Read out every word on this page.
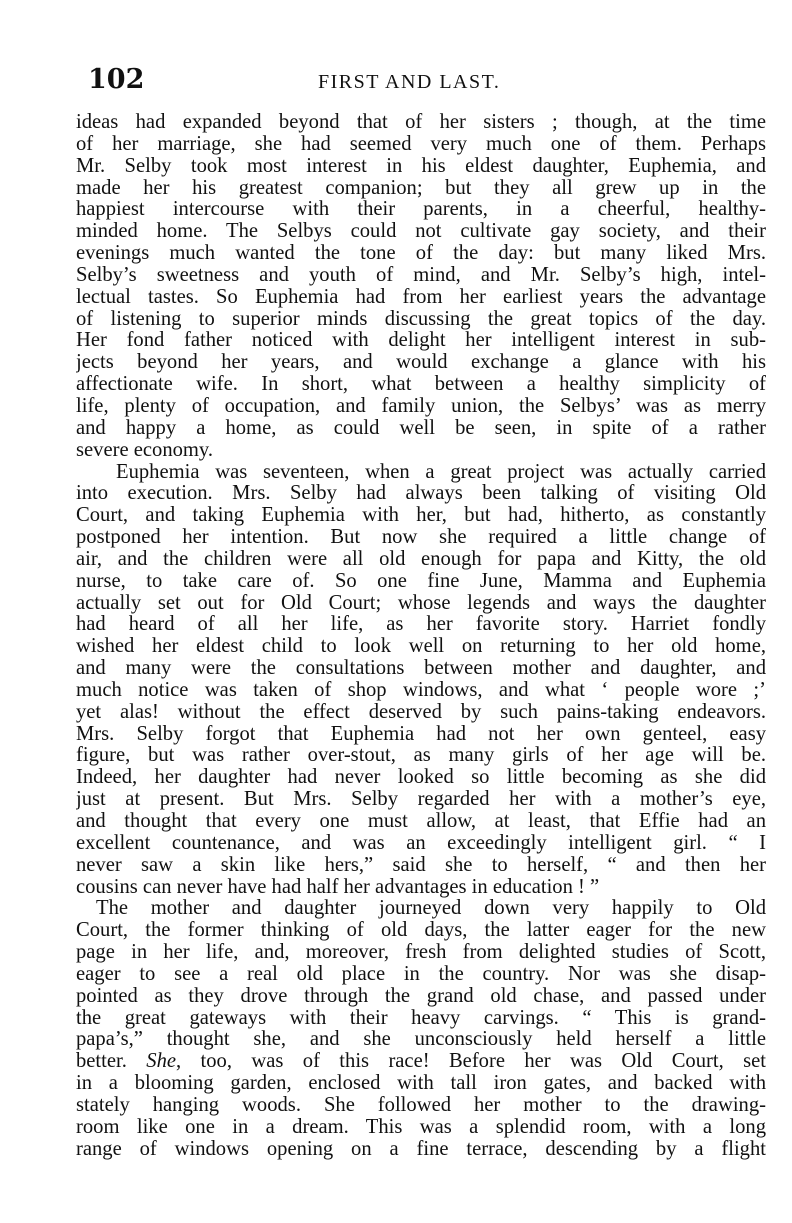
102	FIRST AND LAST.
ideas had expanded beyond that of her sisters ; though, at the time
of her marriage, she had seemed very much one of them. Perhaps
Mr. Selby took most interest in his eldest daughter, Euphemia, and
made her his greatest companion; but they all grew up in the
happiest intercourse with their parents, in a cheerful, healthy-
minded home. The Selbys could not cultivate gay society, and their
evenings much wanted the tone of the day: but many liked Mrs.
Selby’s sweetness and youth of mind, and Mr. Selby’s high, intel-
lectual tastes. So Euphemia had from her earliest years the advantage
of listening to superior minds discussing the great topics of the day.
Her fond father noticed with delight her intelligent interest in sub-
jects beyond her years, and would exchange a glance with his
affectionate wife. In short, what between a healthy simplicity of
life, plenty of occupation, and family union, the Selbys’ was as merry
and happy a home, as could well be seen, in spite of a rather
severe economy.
Euphemia was seventeen, when a great project was actually carried
into execution. Mrs. Selby had always been talking of visiting Old
Court, and taking Euphemia with her, but had, hitherto, as constantly
postponed her intention. But now she required a little change of
air, and the children were all old enough for papa and Kitty, the old
nurse, to take care of. So one fine June, Mamma and Euphemia
actually set out for Old Court; whose legends and ways the daughter
had heard of all her life, as her favorite story. Harriet fondly
wished her eldest child to look well on returning to her old home,
and many were the consultations between mother and daughter, and
much notice was taken of shop windows, and what ‘ people wore ;’
yet alas! without the effect deserved by such pains-taking endeavors.
Mrs. Selby forgot that Euphemia had not her own genteel, easy
figure, but was rather over-stout, as many girls of her age will be.
Indeed, her daughter had never looked so little becoming as she did
just at present. But Mrs. Selby regarded her with a mother’s eye,
and thought that every one must allow, at least, that Effie had an
excellent countenance, and was an exceedingly intelligent girl. “ I
never saw a skin like hers,” said she to herself, “ and then her
cousins can never have had half her advantages in education ! ”
The mother and daughter journeyed down very happily to Old
Court, the former thinking of old days, the latter eager for the new
page in her life, and, moreover, fresh from delighted studies of Scott,
eager to see a real old place in the country. Nor was she disap-
pointed as they drove through the grand old chase, and passed under
the great gateways with their heavy carvings. “ This is grand-
papa’s,” thought she, and she unconsciously held herself a little
better. She, too, was of this race! Before her was Old Court, set
in a blooming garden, enclosed with tall iron gates, and backed with
stately hanging woods. She followed her mother to the drawing-
room like one in a dream. This was a splendid room, with a long
range of windows opening on a fine terrace, descending by a flight
